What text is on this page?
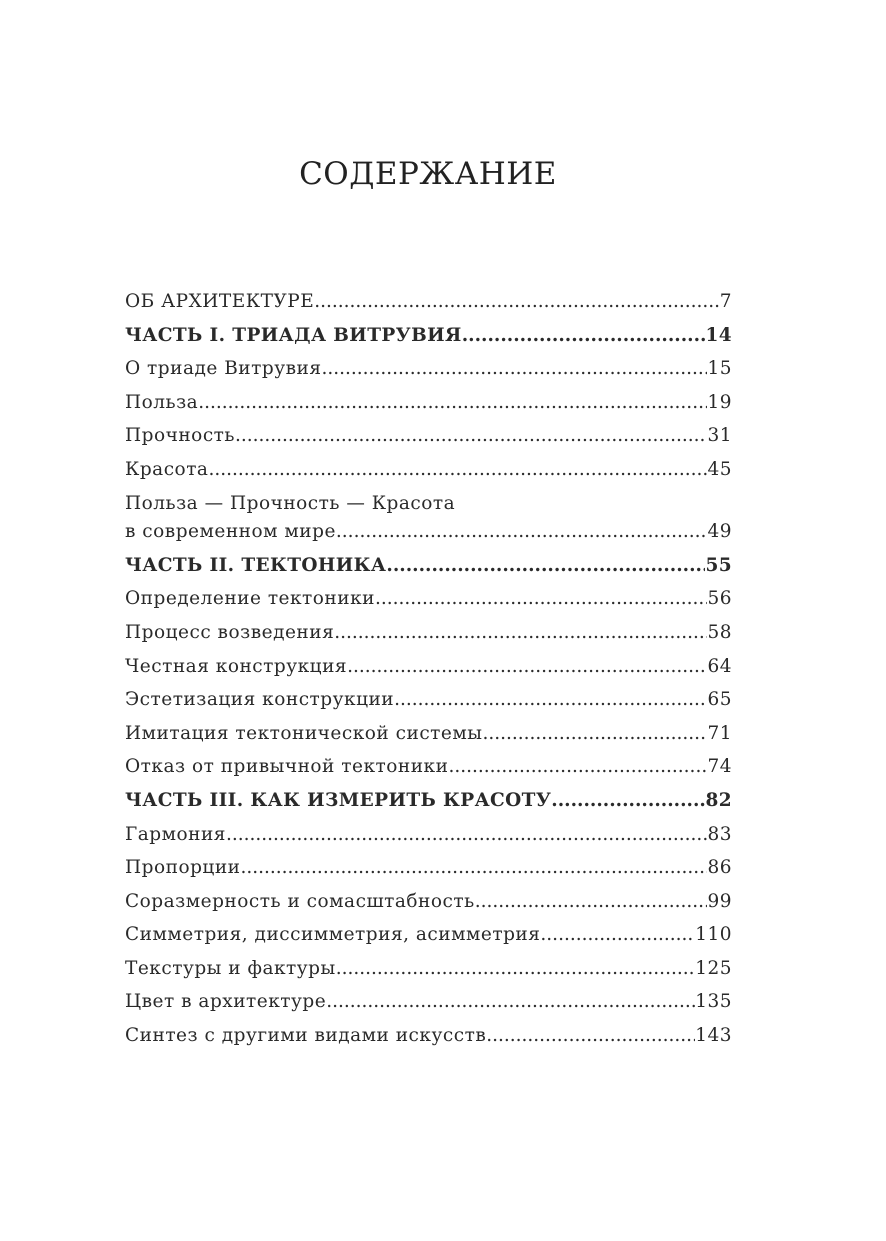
СОДЕРЖАНИЕ
ОБ АРХИТЕКТУРЕ .....	7
ЧАСТЬ I. ТРИАДА ВИТРУВИЯ .....	14
О триаде Витрувия .....	15
Польза .....	19
Прочность .....	31
Красота .....	45
Польза — Прочность — Красота
в современном мире .....	49
ЧАСТЬ II. ТЕКТОНИКА .....	55
Определение тектоники .....	56
Процесс возведения .....	58
Честная конструкция .....	64
Эстетизация конструкции .....	65
Имитация тектонической системы .....	71
Отказ от привычной тектоники .....	74
ЧАСТЬ III. КАК ИЗМЕРИТЬ КРАСОТУ .....	82
Гармония .....	83
Пропорции .....	86
Соразмерность и сомасштабность .....	99
Симметрия, диссимметрия, асимметрия .....	110
Текстуры и фактуры .....	125
Цвет в архитектуре .....	135
Синтез с другими видами искусств .....	143
